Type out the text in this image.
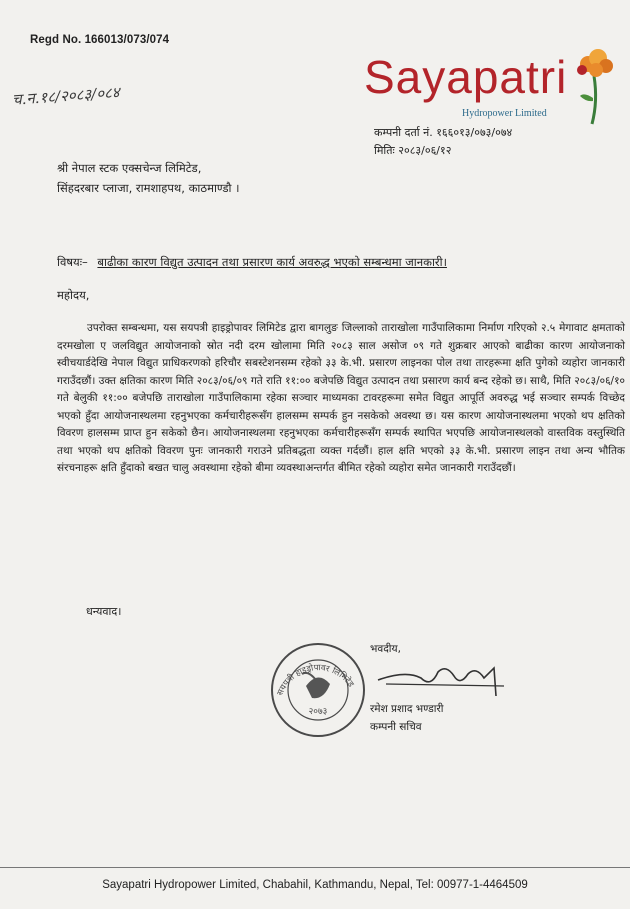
Regd No. 166013/073/074
च.न.१८/२०८३/०८४	Sayapatri
Hydropower Limited
कम्पनी दर्ता नं. १६६०१३/०७३/०७४
मितिः २०८३/०६/१२
श्री नेपाल स्टक एक्सचेन्ज लिमिटेड,
सिंहदरबार प्लाजा, रामशाहपथ, काठमाण्डौ ।
विषयः– बाढीका कारण विद्युत उत्पादन तथा प्रसारण कार्य अवरुद्ध भएको सम्बन्धमा जानकारी।
महोदय,
उपरोक्त सम्बन्धमा, यस सयपत्री हाइड्रोपावर लिमिटेड द्वारा बागलुङ जिल्लाको ताराखोला गाउँपालिकामा निर्माण गरिएको २.५ मेगावाट क्षमताको दरमखोला ए जलविद्युत आयोजनाको स्रोत नदी दरम खोलामा मिति २०८३ साल असोज ०९ गते शुक्रबार आएको बाढीका कारण आयोजनाको स्वीचयार्डदेखि नेपाल विद्युत प्राधिकरणको हरिचौर सबस्टेशनसम्म रहेको ३३ के.भी. प्रसारण लाइनका पोल तथा तारहरूमा क्षति पुगेको व्यहोरा जानकारी गराउँदछौं। उक्त क्षतिका कारण मिति २०८३/०६/०९ गते राति ११:०० बजेपछि विद्युत उत्पादन तथा प्रसारण कार्य बन्द रहेको छ। साथै, मिति २०८३/०६/१० गते बेलुकी ११:०० बजेपछि ताराखोला गाउँपालिकामा रहेका सञ्चार माध्यमका टावरहरूमा समेत विद्युत आपूर्ति अवरुद्ध भई सञ्चार सम्पर्क विच्छेद भएको हुँदा आयोजनास्थलमा रहनुभएका कर्मचारीहरूसँग हालसम्म सम्पर्क हुन नसकेको अवस्था छ। यस कारण आयोजनास्थलमा भएको थप क्षतिको विवरण हालसम्म प्राप्त हुन सकेको छैन। आयोजनास्थलमा रहनुभएका कर्मचारीहरूसँग सम्पर्क स्थापित भएपछि आयोजनास्थलको वास्तविक वस्तुस्थिति तथा भएको थप क्षतिको विवरण पुनः जानकारी गराउने प्रतिबद्धता व्यक्त गर्दछौं। हाल क्षति भएको ३३ के.भी. प्रसारण लाइन तथा अन्य भौतिक संरचनाहरू क्षति हुँदाको बखत चालु अवस्थामा रहेको बीमा व्यवस्थाअन्तर्गत बीमित रहेको व्यहोरा समेत जानकारी गराउँदछौं।
धन्यवाद।
भवदीय,
२०७३
सयपत्री हाइड्रोपावर लिमिटेड
रमेश प्रशाद भण्डारी
कम्पनी सचिव
Sayapatri Hydropower Limited, Chabahil, Kathmandu, Nepal, Tel: 00977-1-4464509
